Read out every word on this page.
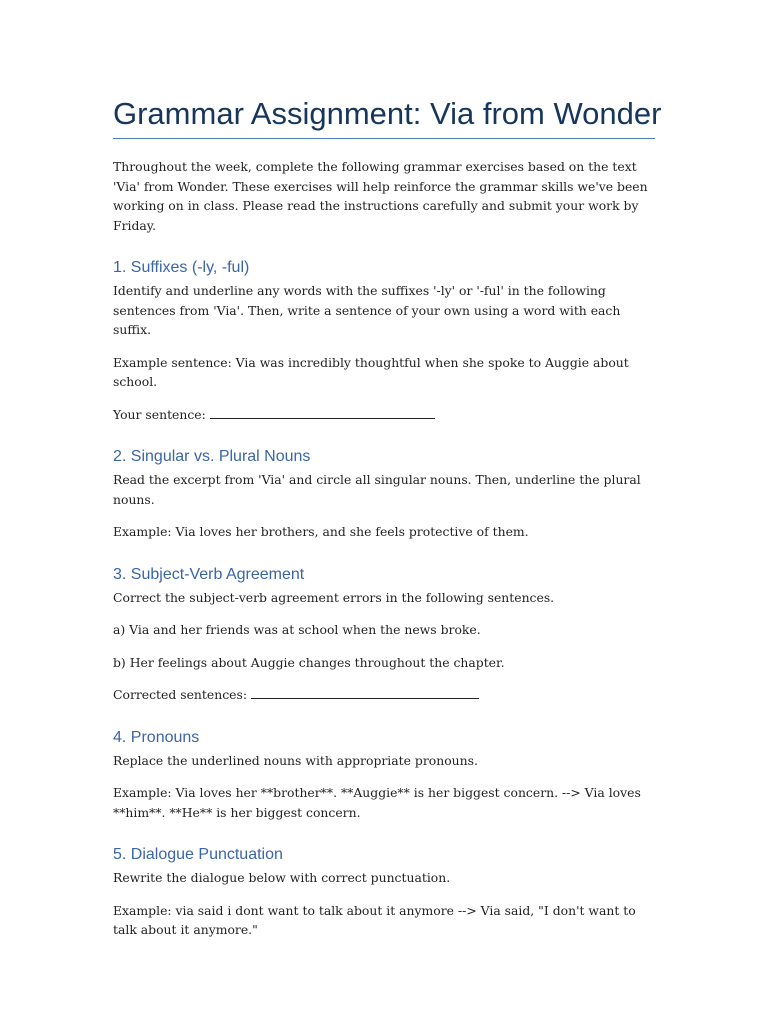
Grammar Assignment: Via from Wonder

Throughout the week, complete the following grammar exercises based on the text 'Via' from Wonder. These exercises will help reinforce the grammar skills we've been working on in class. Please read the instructions carefully and submit your work by Friday.

1. Suffixes (-ly, -ful)

Identify and underline any words with the suffixes '-ly' or '-ful' in the following sentences from 'Via'. Then, write a sentence of your own using a word with each suffix.

Example sentence: Via was incredibly thoughtful when she spoke to Auggie about school.

Your sentence:

2. Singular vs. Plural Nouns

Read the excerpt from 'Via' and circle all singular nouns. Then, underline the plural nouns.

Example: Via loves her brothers, and she feels protective of them.

3. Subject-Verb Agreement

Correct the subject-verb agreement errors in the following sentences.

a) Via and her friends was at school when the news broke.

b) Her feelings about Auggie changes throughout the chapter.

Corrected sentences:

4. Pronouns

Replace the underlined nouns with appropriate pronouns.

Example: Via loves her **brother**. **Auggie** is her biggest concern. --> Via loves **him**. **He** is her biggest concern.

5. Dialogue Punctuation

Rewrite the dialogue below with correct punctuation.

Example: via said i dont want to talk about it anymore --> Via said, "I don't want to talk about it anymore."
